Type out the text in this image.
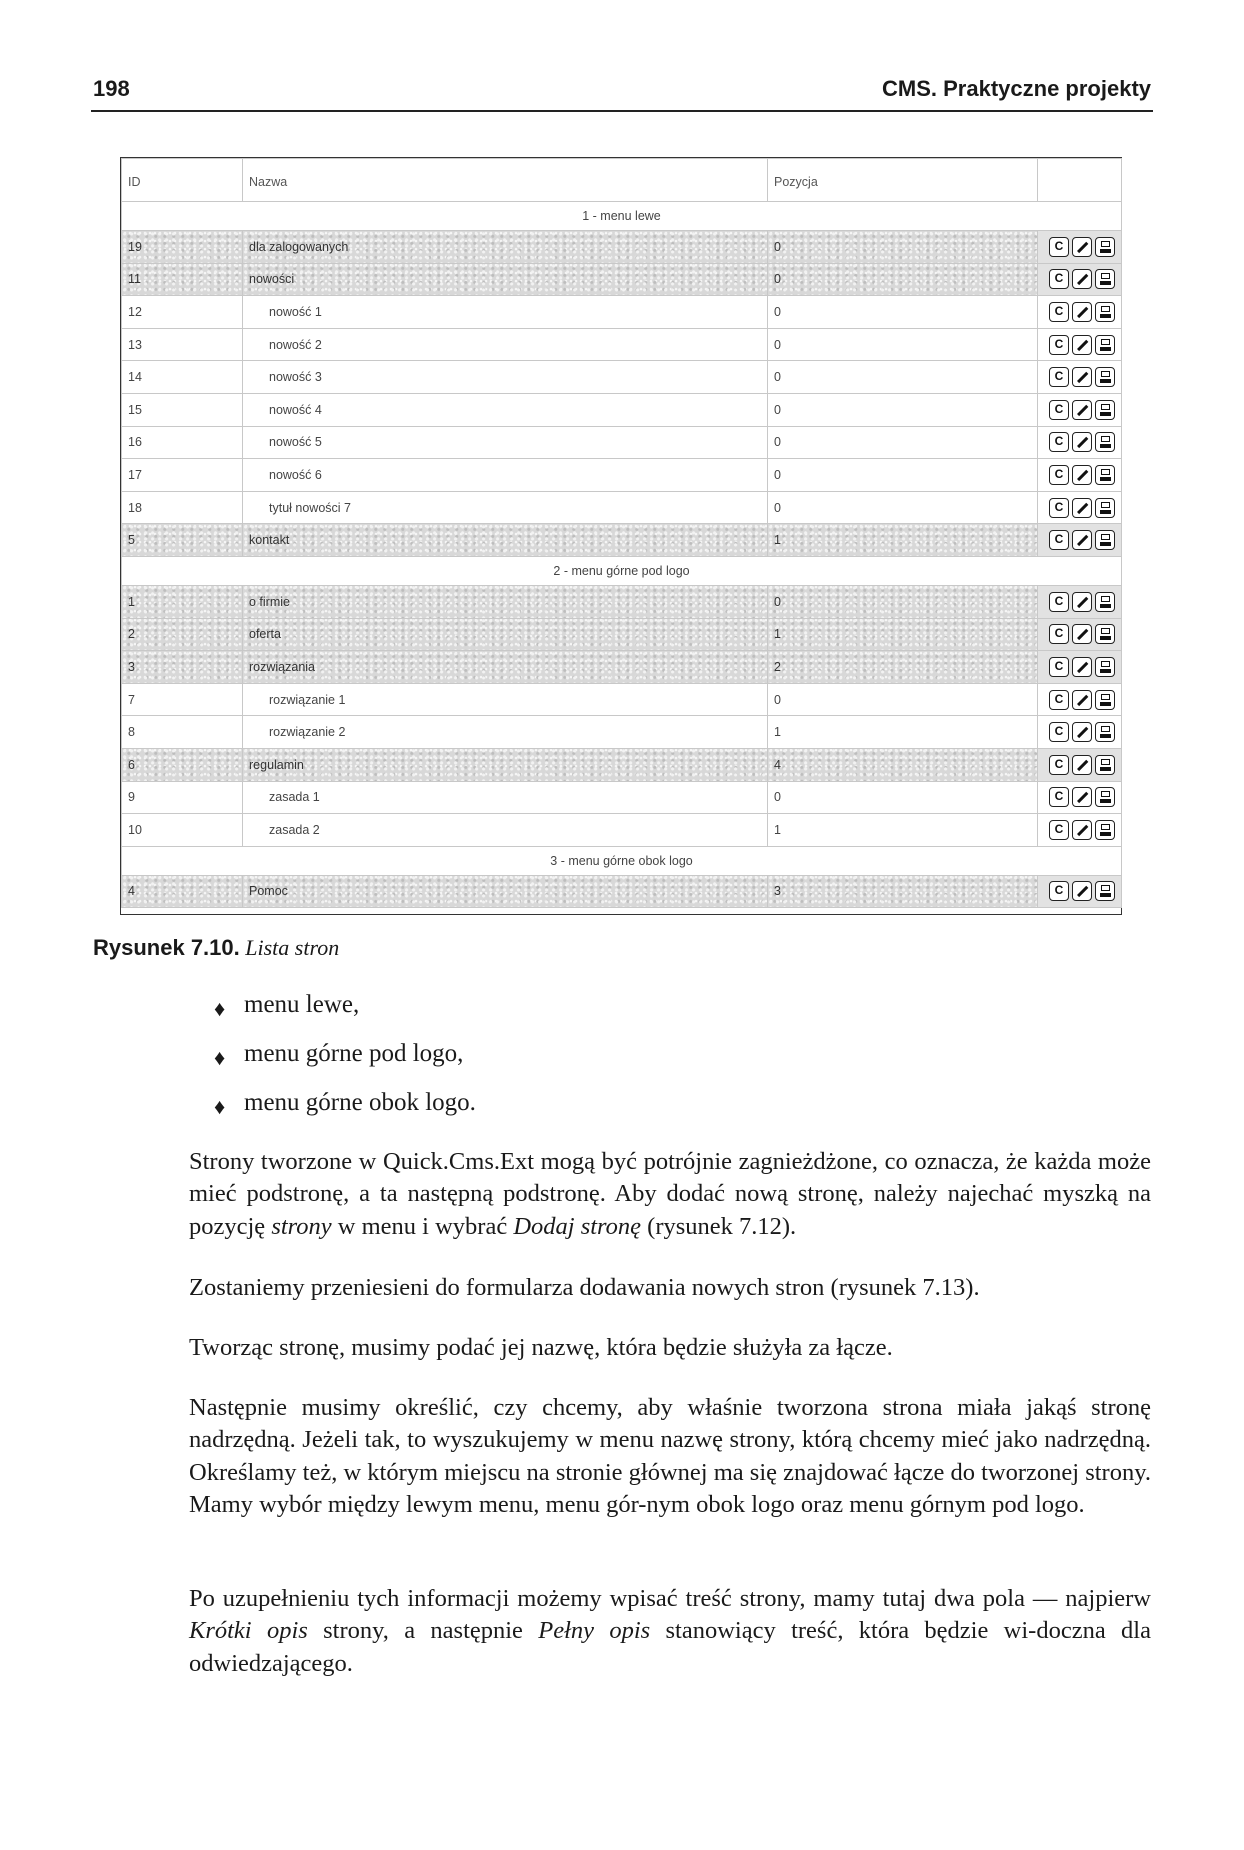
198	CMS. Praktyczne projekty
ID	Nazwa	Pozycja	
1 - menu lewe			
19	dla zalogowanych	0	C

11	nowości	0	C

12	nowość 1	0	C

13	nowość 2	0	C

14	nowość 3	0	C

15	nowość 4	0	C

16	nowość 5	0	C

17	nowość 6	0	C

18	tytuł nowości 7	0	C

5	kontakt	1	C

2 - menu górne pod logo			
1	o firmie	0	C

2	oferta	1	C

3	rozwiązania	2	C

7	rozwiązanie 1	0	C

8	rozwiązanie 2	1	C

6	regulamin	4	C

9	zasada 1	0	C

10	zasada 2	1	C

3 - menu górne obok logo			
4	Pomoc	3	C
Rysunek 7.10. Lista stron
♦ menu lewe,
♦ menu górne pod logo,
♦ menu górne obok logo.

Strony tworzone w Quick.Cms.Ext mogą być potrójnie zagnieżdżone, co oznacza, że każda może mieć podstronę, a ta następną podstronę. Aby dodać nową stronę, należy najechać myszką na pozycję strony w menu i wybrać Dodaj stronę (rysunek 7.12).

Zostaniemy przeniesieni do formularza dodawania nowych stron (rysunek 7.13).

Tworząc stronę, musimy podać jej nazwę, która będzie służyła za łącze.

Następnie musimy określić, czy chcemy, aby właśnie tworzona strona miała jakąś stronę nadrzędną. Jeżeli tak, to wyszukujemy w menu nazwę strony, którą chcemy mieć jako nadrzędną. Określamy też, w którym miejscu na stronie głównej ma się znajdować łącze do tworzonej strony. Mamy wybór między lewym menu, menu gór-nym obok logo oraz menu górnym pod logo.

Po uzupełnieniu tych informacji możemy wpisać treść strony, mamy tutaj dwa pola — najpierw Krótki opis strony, a następnie Pełny opis stanowiący treść, która będzie wi-doczna dla odwiedzającego.
